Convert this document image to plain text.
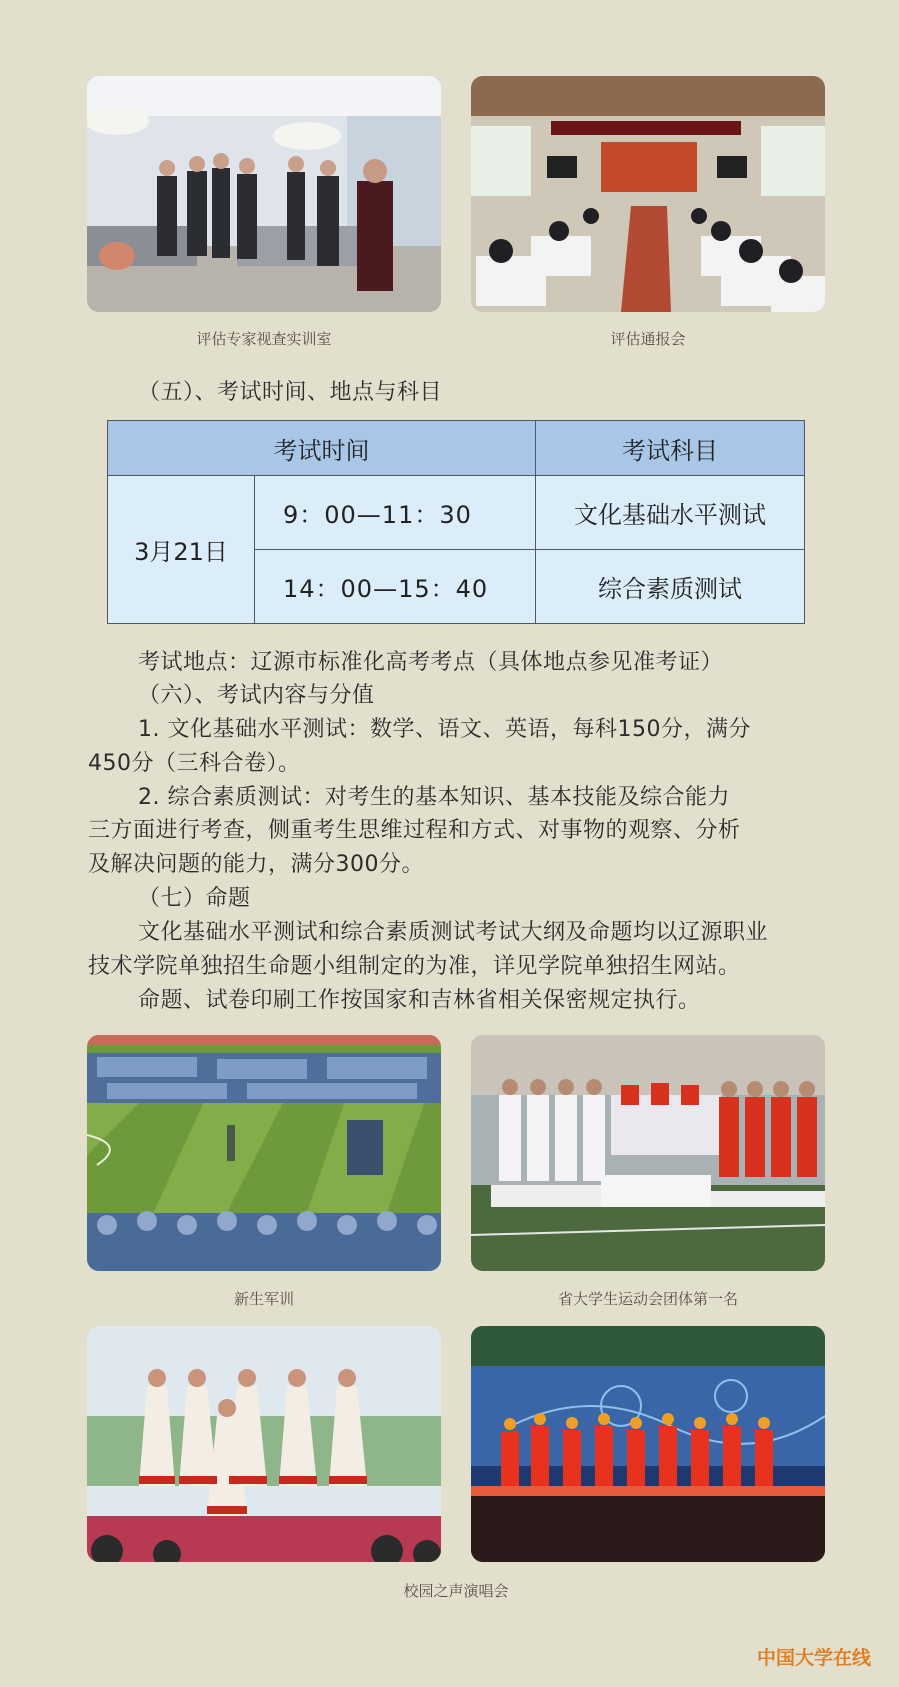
评估专家视查实训室	评估通报会
（五）、考试时间、地点与科目
考试时间		考试科目
3月21日	9：00—11：30	文化基础水平测试
	14：00—15：40	综合素质测试
考试地点：辽源市标准化高考考点（具体地点参见准考证）
（六）、考试内容与分值
1. 文化基础水平测试：数学、语文、英语，每科150分，满分
450分（三科合卷）。
2. 综合素质测试：对考生的基本知识、基本技能及综合能力
三方面进行考查，侧重考生思维过程和方式、对事物的观察、分析
及解决问题的能力，满分300分。
（七）命题
文化基础水平测试和综合素质测试考试大纲及命题均以辽源职业
技术学院单独招生命题小组制定的为准，详见学院单独招生网站。
命题、试卷印刷工作按国家和吉林省相关保密规定执行。
新生军训	省大学生运动会团体第一名
校园之声演唱会
中国大学在线
